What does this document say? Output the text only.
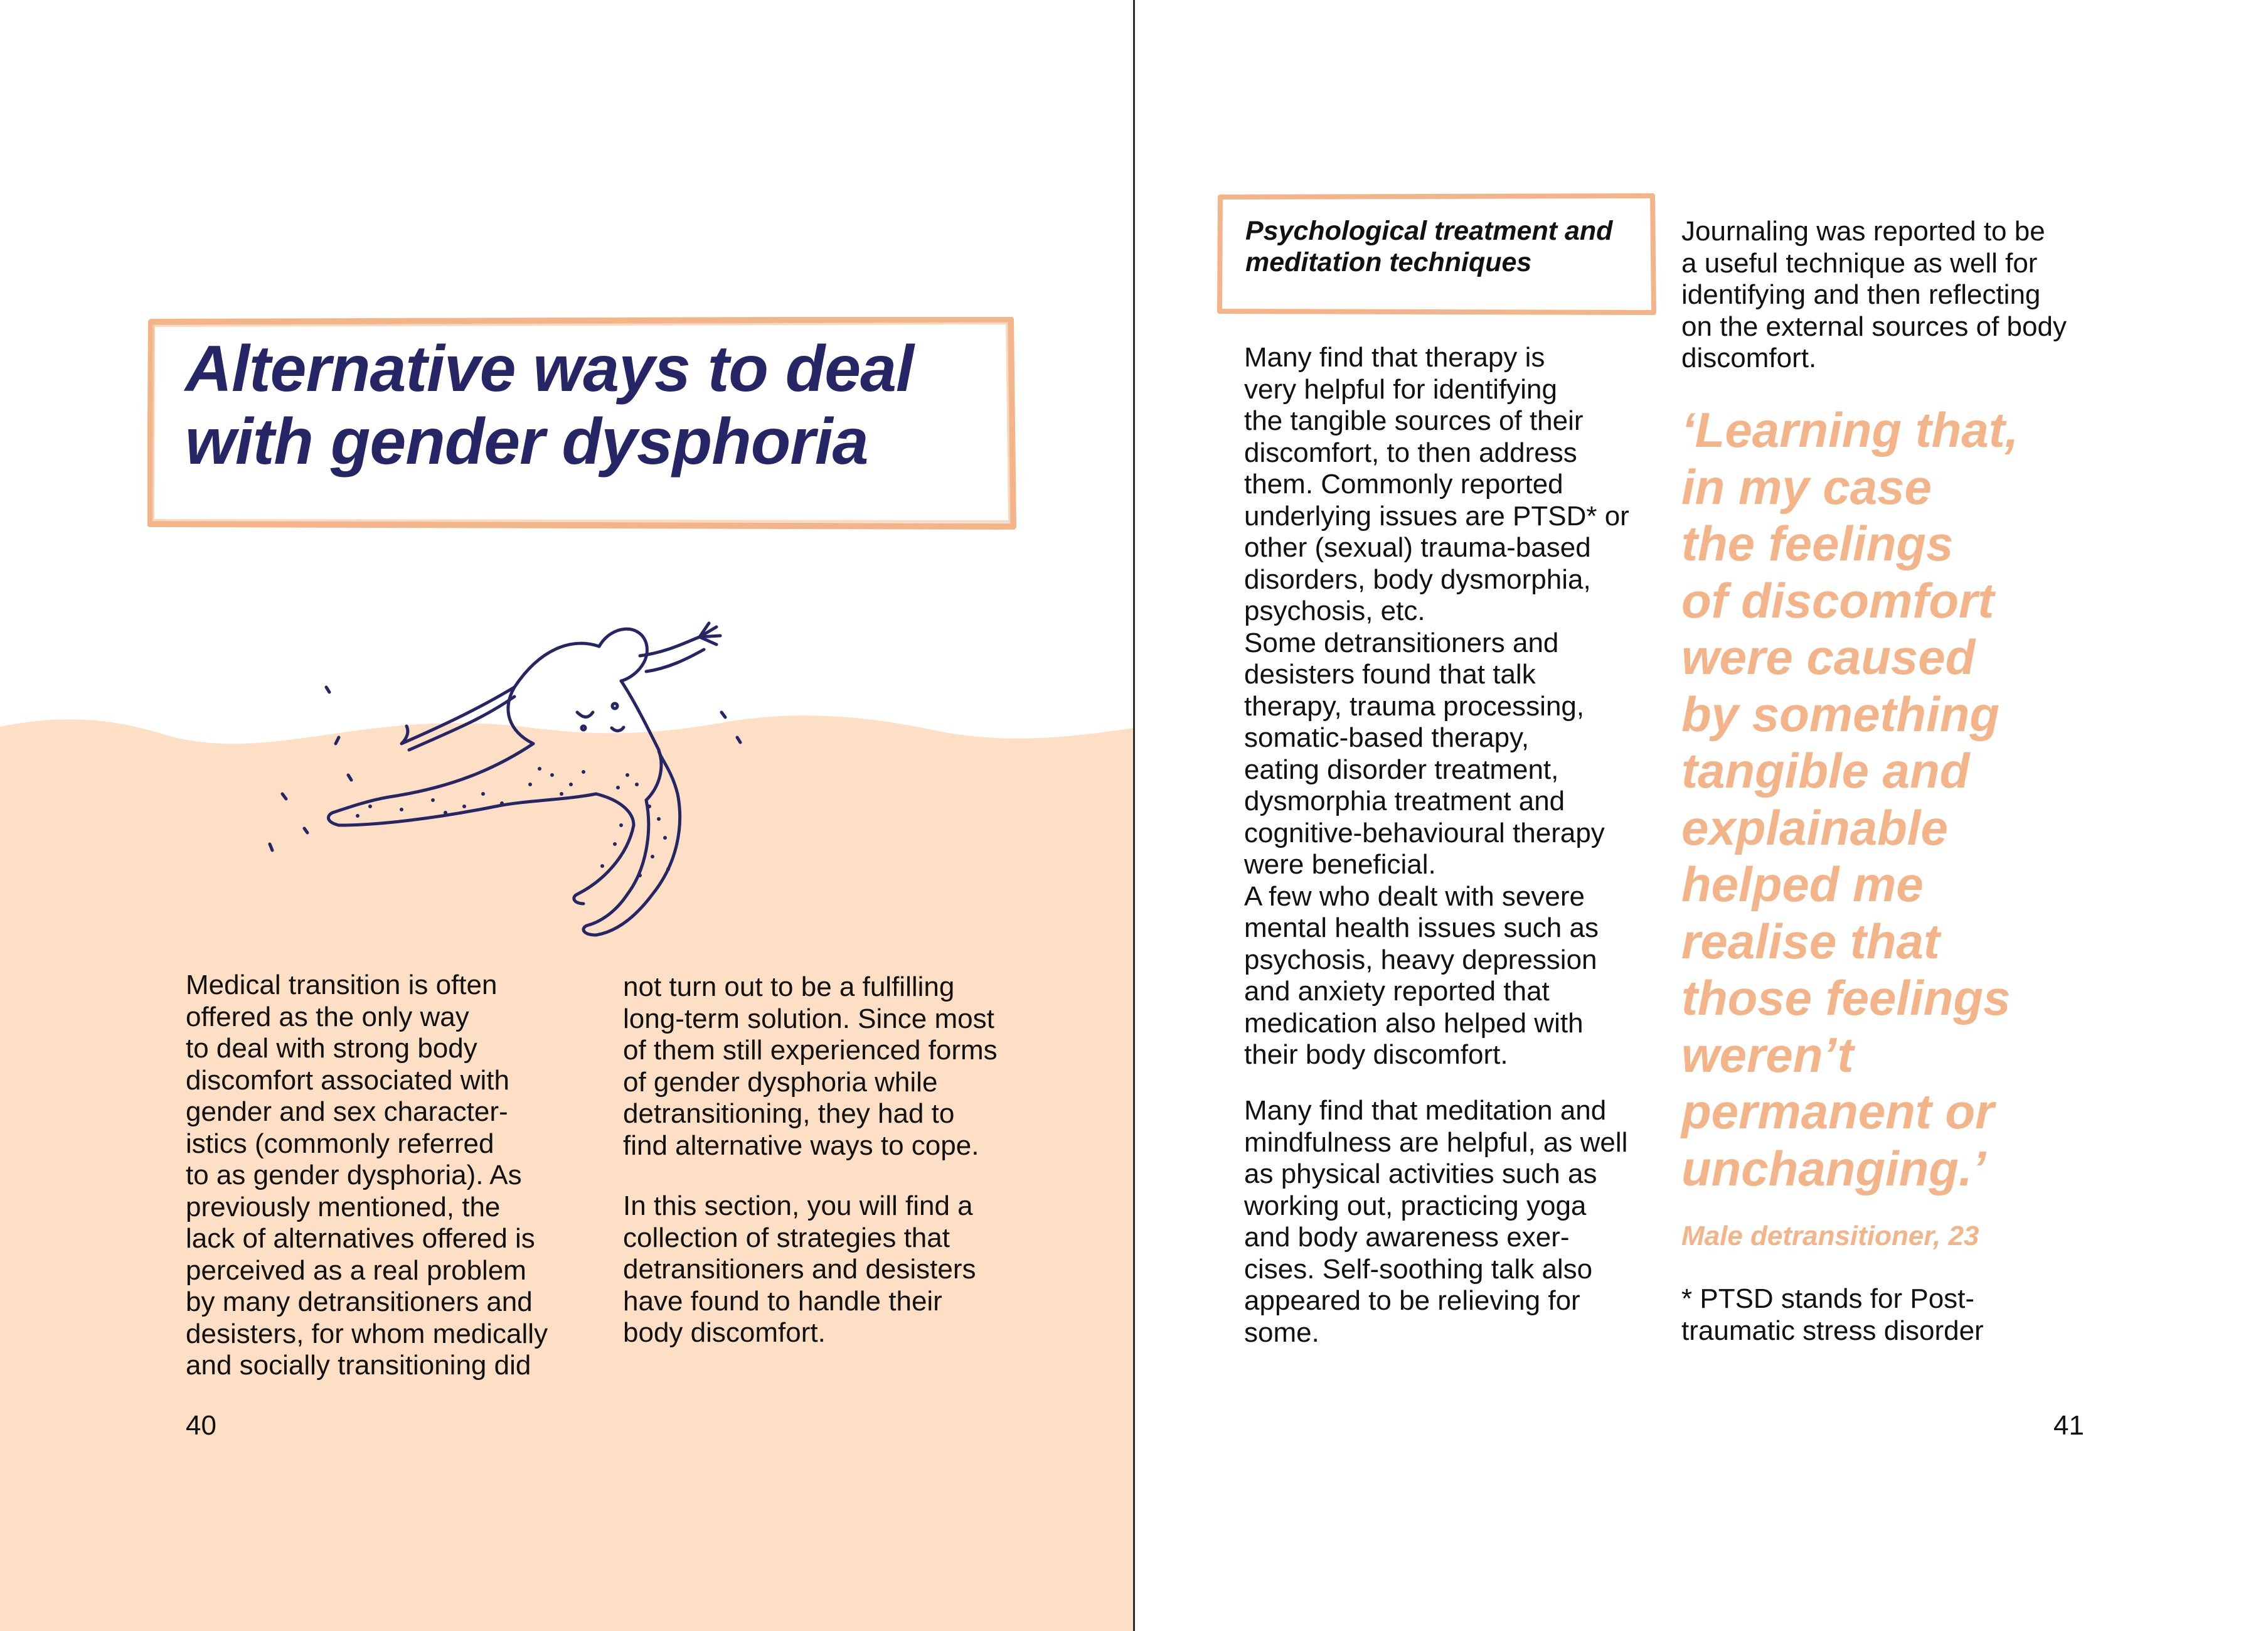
Alternative ways to deal
with gender dysphoria
Medical transition is often
offered as the only way
to deal with strong body
discomfort associated with
gender and sex character-
istics (commonly referred
to as gender dysphoria). As
previously mentioned, the
lack of alternatives offered is
perceived as a real problem
by many detransitioners and
desisters, for whom medically
and socially transitioning did
not turn out to be a fulfilling
long-term solution. Since most
of them still experienced forms
of gender dysphoria while
detransitioning, they had to
find alternative ways to cope.
In this section, you will find a
collection of strategies that
detransitioners and desisters
have found to handle their
body discomfort.
40
Psychological treatment and
meditation techniques
Many find that therapy is
very helpful for identifying
the tangible sources of their
discomfort, to then address
them. Commonly reported
underlying issues are PTSD* or
other (sexual) trauma-based
disorders, body dysmorphia,
psychosis, etc.
Some detransitioners and
desisters found that talk
therapy, trauma processing,
somatic-based therapy,
eating disorder treatment,
dysmorphia treatment and
cognitive-behavioural therapy
were beneficial.
A few who dealt with severe
mental health issues such as
psychosis, heavy depression
and anxiety reported that
medication also helped with
their body discomfort.
Many find that meditation and
mindfulness are helpful, as well
as physical activities such as
working out, practicing yoga
and body awareness exer-
cises. Self-soothing talk also
appeared to be relieving for
some.
Journaling was reported to be
a useful technique as well for
identifying and then reflecting
on the external sources of body
discomfort.
‘Learning that,
in my case
the feelings
of discomfort
were caused
by something
tangible and
explainable
helped me
realise that
those feelings
weren’t
permanent or
unchanging.’
Male detransitioner, 23
* PTSD stands for Post-
traumatic stress disorder
41
